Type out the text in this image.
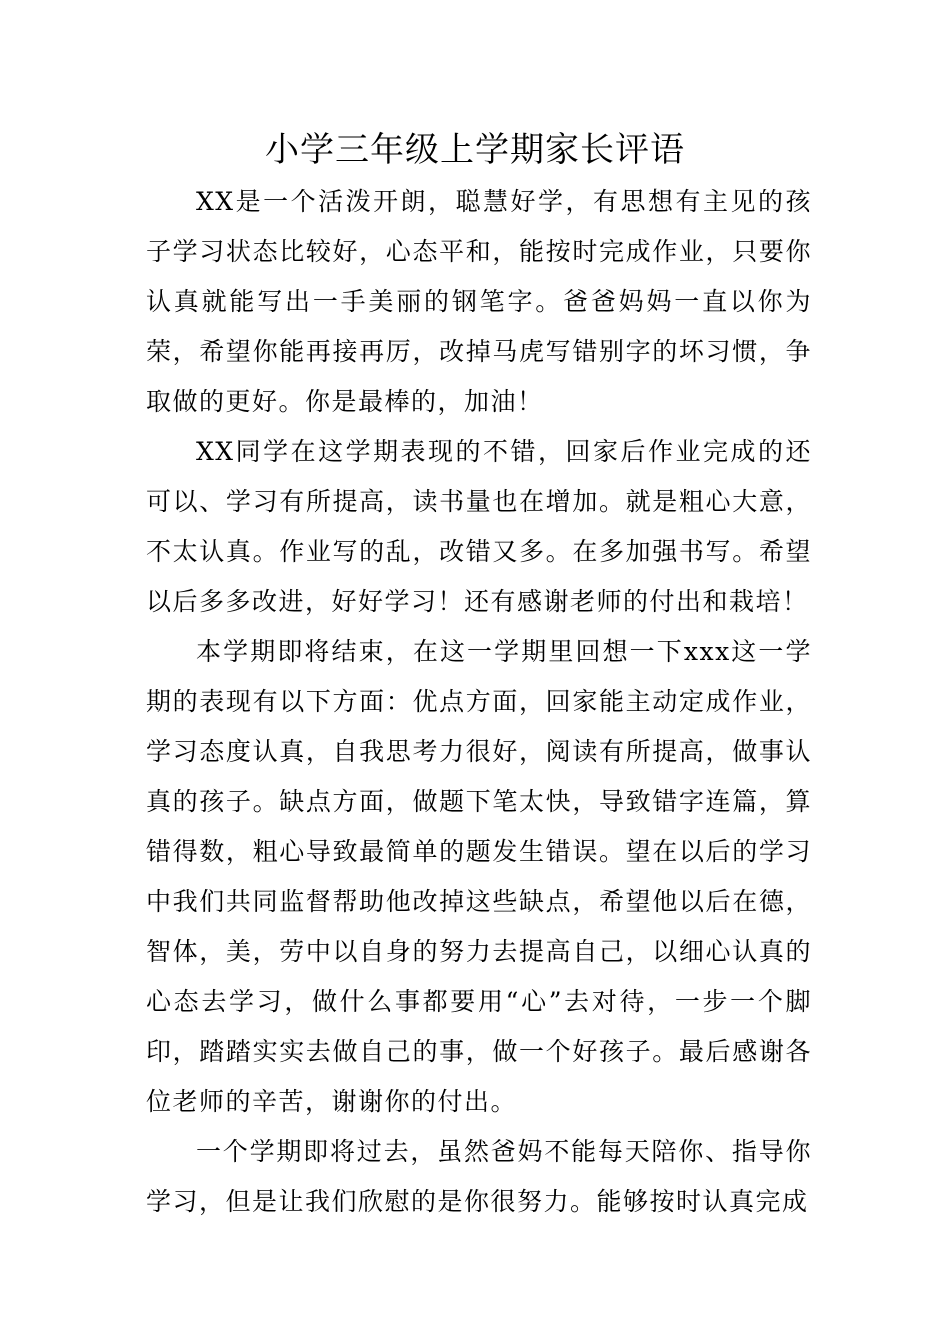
小学三年级上学期家长评语

XX是一个活泼开朗，聪慧好学，有思想有主见的孩子学习状态比较好，心态平和，能按时完成作业，只要你认真就能写出一手美丽的钢笔字。爸爸妈妈一直以你为荣，希望你能再接再厉，改掉马虎写错别字的坏习惯，争取做的更好。你是最棒的，加油！

XX同学在这学期表现的不错，回家后作业完成的还可以、学习有所提高，读书量也在增加。就是粗心大意，不太认真。作业写的乱，改错又多。在多加强书写。希望以后多多改进，好好学习！还有感谢老师的付出和栽培！

本学期即将结束，在这一学期里回想一下xxx这一学期的表现有以下方面：优点方面，回家能主动定成作业，学习态度认真，自我思考力很好，阅读有所提高，做事认真的孩子。缺点方面，做题下笔太快，导致错字连篇，算错得数，粗心导致最简单的题发生错误。望在以后的学习中我们共同监督帮助他改掉这些缺点，希望他以后在德，智体，美，劳中以自身的努力去提高自己，以细心认真的心态去学习，做什么事都要用“心”去对待，一步一个脚印，踏踏实实去做自己的事，做一个好孩子。最后感谢各位老师的辛苦，谢谢你的付出。

一个学期即将过去，虽然爸妈不能每天陪你、指导你学习，但是让我们欣慰的是你很努力。能够按时认真完成
